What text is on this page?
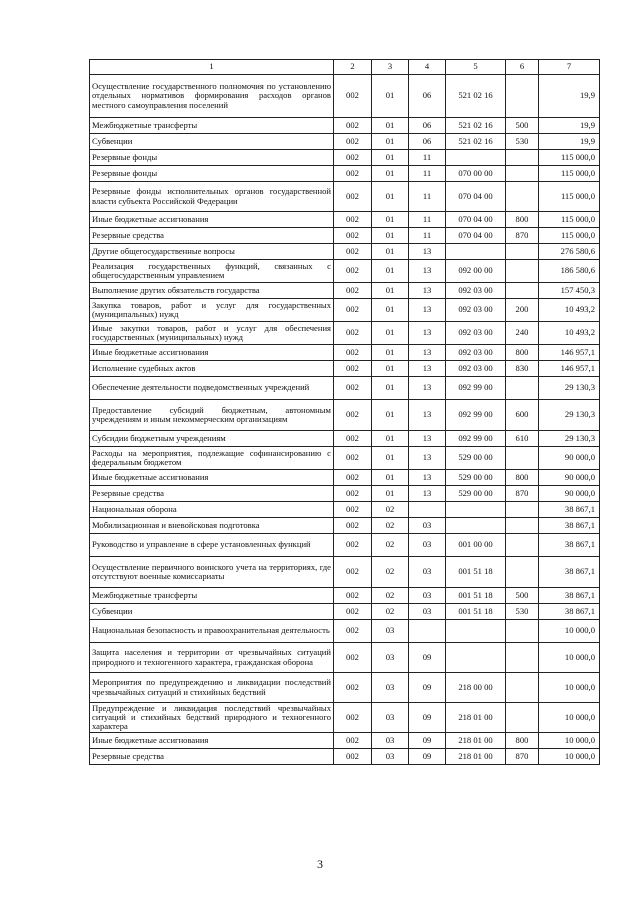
1	2	3	4	5	6	7
Осуществление государственного полномочия по установлению отдельных нормативов формирования расходов органов местного самоуправления поселений	002	01	06	521 02 16		19,9
Межбюджетные трансферты	002	01	06	521 02 16	500	19,9
Субвенции	002	01	06	521 02 16	530	19,9
Резервные фонды	002	01	11			115 000,0
Резервные фонды	002	01	11	070 00 00		115 000,0
Резервные фонды исполнительных органов государственной власти субъекта Российской Федерации	002	01	11	070 04 00		115 000,0
Иные бюджетные ассигнования	002	01	11	070 04 00	800	115 000,0
Резервные средства	002	01	11	070 04 00	870	115 000,0
Другие общегосударственные вопросы	002	01	13			276 580,6
Реализация государственных функций, связанных с общегосударственным управлением	002	01	13	092 00 00		186 580,6
Выполнение других обязательств государства	002	01	13	092 03 00		157 450,3
Закупка товаров, работ и услуг для государственных (муниципальных) нужд	002	01	13	092 03 00	200	10 493,2
Иные закупки товаров, работ и услуг для обеспечения государственных (муниципальных) нужд	002	01	13	092 03 00	240	10 493,2
Иные бюджетные ассигнования	002	01	13	092 03 00	800	146 957,1
Исполнение судебных актов	002	01	13	092 03 00	830	146 957,1
Обеспечение деятельности подведомственных учреждений	002	01	13	092 99 00		29 130,3
Предоставление субсидий бюджетным, автономным учреждениям и иным некоммерческим организациям	002	01	13	092 99 00	600	29 130,3
Субсидии бюджетным учреждениям	002	01	13	092 99 00	610	29 130,3
Расходы на мероприятия, подлежащие софинансированию с федеральным бюджетом	002	01	13	529 00 00		90 000,0
Иные бюджетные ассигнования	002	01	13	529 00 00	800	90 000,0
Резервные средства	002	01	13	529 00 00	870	90 000,0
Национальная оборона	002	02				38 867,1
Мобилизационная и вневойсковая подготовка	002	02	03			38 867,1
Руководство и управление в сфере установленных функций	002	02	03	001 00 00		38 867,1
Осуществление первичного воинского учета на территориях, где отсутствуют военные комиссариаты	002	02	03	001 51 18		38 867,1
Межбюджетные трансферты	002	02	03	001 51 18	500	38 867,1
Субвенции	002	02	03	001 51 18	530	38 867,1
Национальная безопасность и правоохранительная деятельность	002	03				10 000,0
Защита населения и территории от чрезвычайных ситуаций природного и техногенного характера, гражданская оборона	002	03	09			10 000,0
Мероприятия по предупреждению и ликвидации последствий чрезвычайных ситуаций и стихийных бедствий	002	03	09	218 00 00		10 000,0
Предупреждение и ликвидация последствий чрезвычайных ситуаций и стихийных бедствий природного и техногенного характера	002	03	09	218 01 00		10 000,0
Иные бюджетные ассигнования	002	03	09	218 01 00	800	10 000,0
Резервные средства	002	03	09	218 01 00	870	10 000,0
3
